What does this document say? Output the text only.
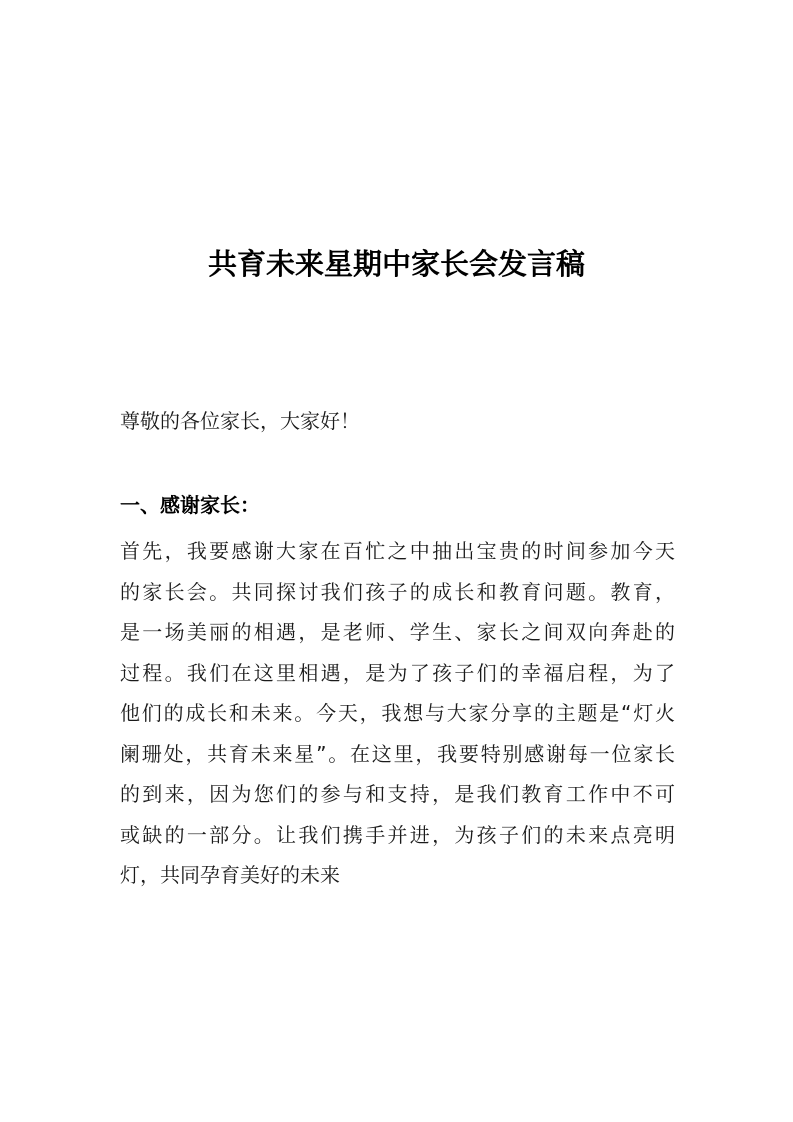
共育未来星期中家长会发言稿
尊敬的各位家长，大家好！
一、感谢家长：
首先，我要感谢大家在百忙之中抽出宝贵的时间参加今天
的家长会。共同探讨我们孩子的成长和教育问题。教育，
是一场美丽的相遇，是老师、学生、家长之间双向奔赴的
过程。我们在这里相遇，是为了孩子们的幸福启程，为了
他们的成长和未来。今天，我想与大家分享的主题是“灯火
阑珊处，共育未来星”。在这里，我要特别感谢每一位家长
的到来，因为您们的参与和支持，是我们教育工作中不可
或缺的一部分。让我们携手并进，为孩子们的未来点亮明
灯，共同孕育美好的未来
